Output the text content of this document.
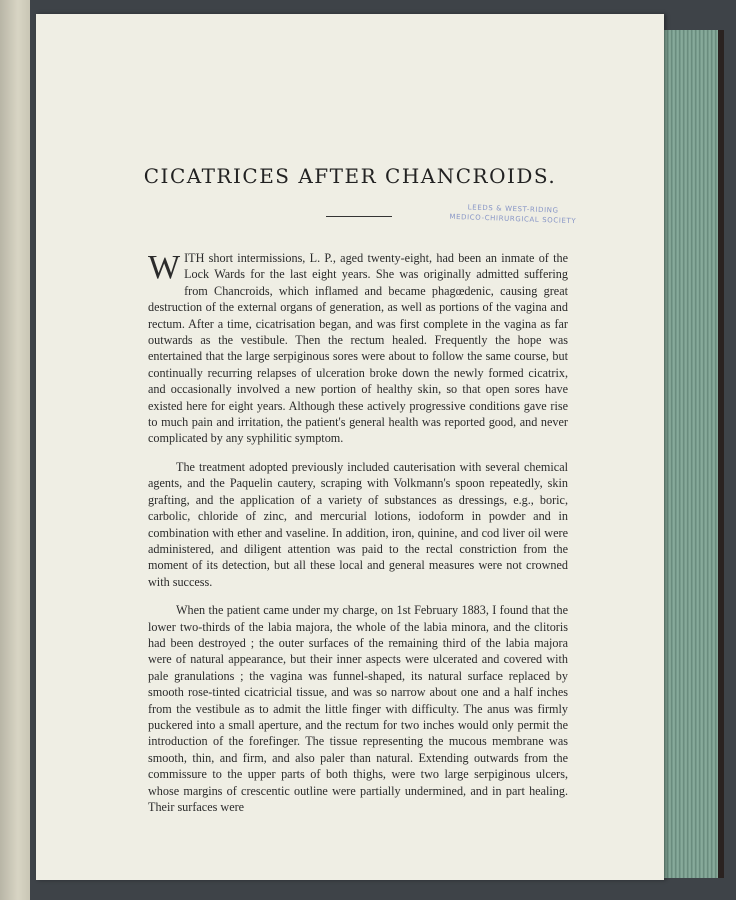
CICATRICES AFTER CHANCROIDS.
LEEDS & WEST-RIDING
MEDICO-CHIRURGICAL SOCIETY

WITH short intermissions, L. P., aged twenty-eight, had been an inmate of the Lock Wards for the last eight years. She was originally admitted suffering from Chancroids, which inflamed and became phagœdenic, causing great destruction of the external organs of generation, as well as portions of the vagina and rectum. After a time, cicatrisation began, and was first complete in the vagina as far outwards as the vestibule. Then the rectum healed. Frequently the hope was entertained that the large serpiginous sores were about to follow the same course, but continually recurring relapses of ulceration broke down the newly formed cicatrix, and occasionally involved a new portion of healthy skin, so that open sores have existed here for eight years. Although these actively progressive conditions gave rise to much pain and irritation, the patient's general health was reported good, and never complicated by any syphilitic symptom.

The treatment adopted previously included cauterisation with several chemical agents, and the Paquelin cautery, scraping with Volkmann's spoon repeatedly, skin grafting, and the application of a variety of substances as dressings, e.g., boric, carbolic, chloride of zinc, and mercurial lotions, iodoform in powder and in combination with ether and vaseline. In addition, iron, quinine, and cod liver oil were administered, and diligent attention was paid to the rectal constriction from the moment of its detection, but all these local and general measures were not crowned with success.

When the patient came under my charge, on 1st February 1883, I found that the lower two-thirds of the labia majora, the whole of the labia minora, and the clitoris had been destroyed ; the outer surfaces of the remaining third of the labia majora were of natural appearance, but their inner aspects were ulcerated and covered with pale granulations ; the vagina was funnel-shaped, its natural surface replaced by smooth rose-tinted cicatricial tissue, and was so narrow about one and a half inches from the vestibule as to admit the little finger with difficulty. The anus was firmly puckered into a small aperture, and the rectum for two inches would only permit the introduction of the forefinger. The tissue representing the mucous membrane was smooth, thin, and firm, and also paler than natural. Extending outwards from the commissure to the upper parts of both thighs, were two large serpiginous ulcers, whose margins of crescentic outline were partially undermined, and in part healing. Their surfaces were
